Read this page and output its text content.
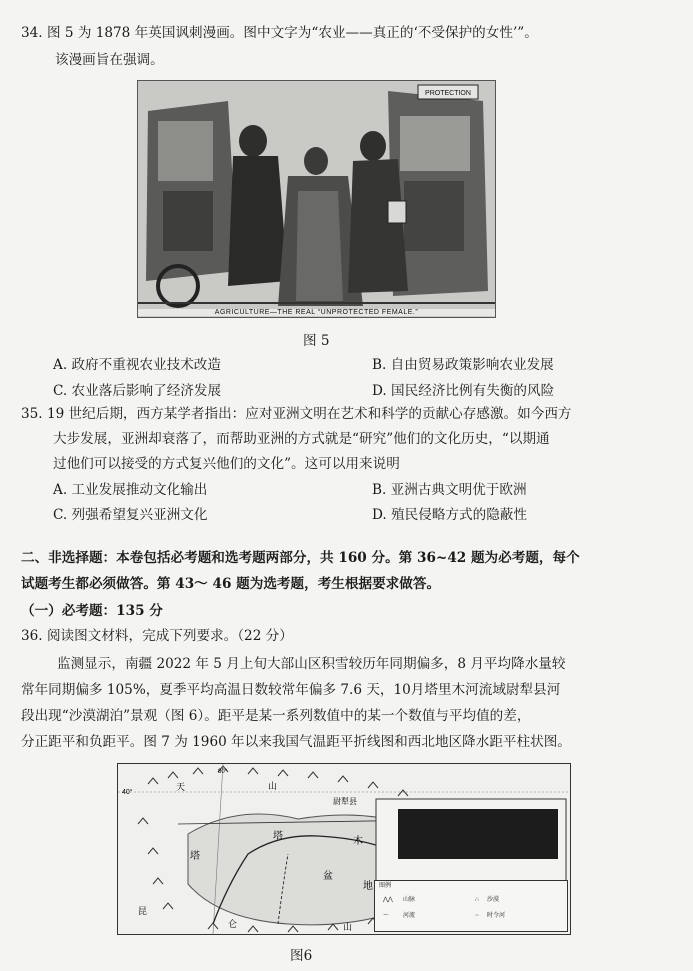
34. 图 5 为 1878 年英国讽刺漫画。图中文字为“农业——真正的‘不受保护的女性’”。
该漫画旨在强调。
PROTECTION
AGRICULTURE—THE REAL “UNPROTECTED FEMALE.”
图 5
A. 政府不重视农业技术改造	B. 自由贸易政策影响农业发展
C. 农业落后影响了经济发展	D. 国民经济比例有失衡的风险
35. 19 世纪后期，西方某学者指出：应对亚洲文明在艺术和科学的贡献心存感激。如今西方
大步发展，亚洲却衰落了，而帮助亚洲的方式就是“研究”他们的文化历史，“以期通
过他们可以接受的方式复兴他们的文化”。这可以用来说明
A. 工业发展推动文化输出	B. 亚洲古典文明优于欧洲
C. 列强希望复兴亚洲文化	D. 殖民侵略方式的隐蔽性
二、非选择题：本卷包括必考题和选考题两部分，共 160 分。第 36~42 题为必考题，每个
试题考生都必须做答。第 43～ 46 题为选考题，考生根据要求做答。
（一）必考题：135 分
36. 阅读图文材料，完成下列要求。（22 分）
监测显示，南疆 2022 年 5 月上旬大部山区积雪较历年同期偏多，8 月平均降水量较
常年同期偏多 105%，夏季平均高温日数较常年偏多 7.6 天，10月塔里木河流域尉犁县河
段出现“沙漠湖泊”景观（图 6）。距平是某一系列数值中的某一个数值与平均值的差，
分正距平和负距平。图 7 为 1960 年以来我国气温距平折线图和西北地区降水距平柱状图。
40°
80°
天	山
尉犁县
塔	木
塔
盆
地
昆
仑	山
图例
⋀⋀ 山脉	∴ 沙漠
〜 河流	┈ 时令河
图6
